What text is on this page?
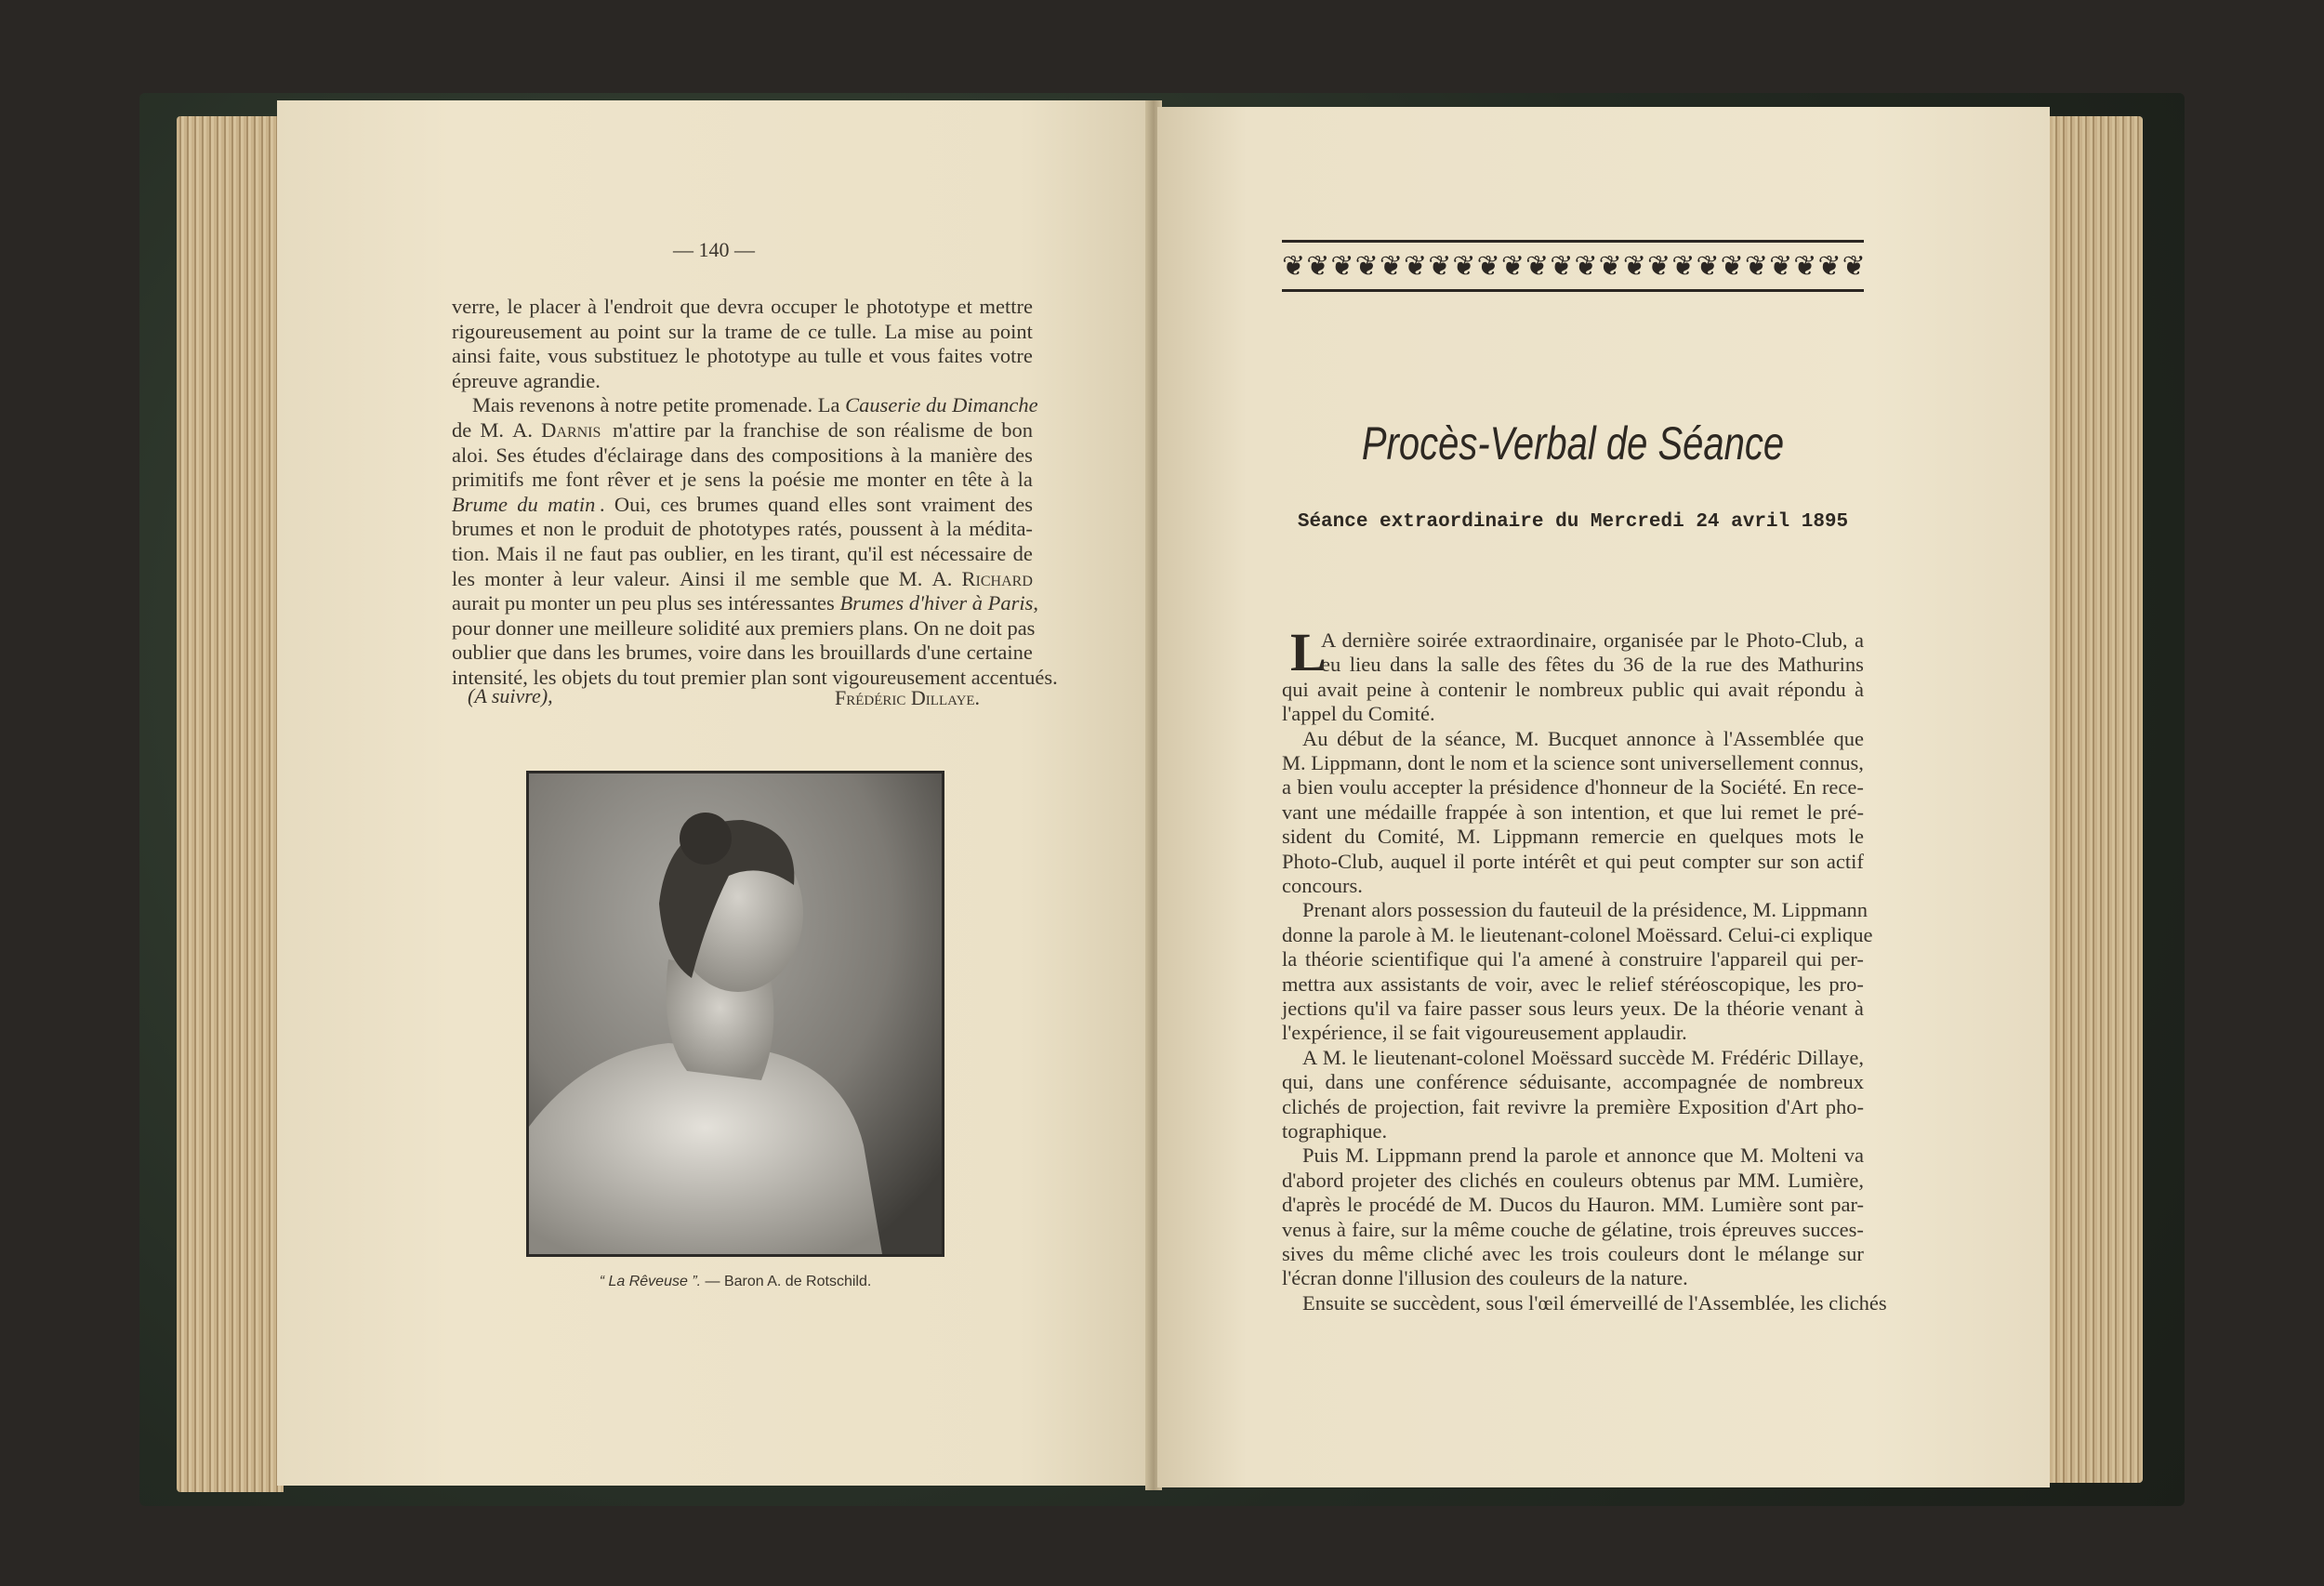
— 140 —
verre, le placer à l'endroit que devra occuper le phototype et mettre
rigoureusement au point sur la trame de ce tulle. La mise au point
ainsi faite, vous substituez le phototype au tulle et vous faites votre
épreuve agrandie.
Mais revenons à notre petite promenade. La Causerie du Dimanche
de M. A. Darnis
m'attire par la franchise de son réalisme de bon
aloi. Ses études d'éclairage dans des compositions à la manière des
primitifs me font rêver et je sens la poésie me monter en tête à la
Brume du matin . Oui, ces brumes quand elles sont vraiment des
brumes et non le produit de phototypes ratés, poussent à la médita-
tion. Mais il ne faut pas oublier, en les tirant, qu'il est nécessaire de
les monter à leur valeur. Ainsi il me semble que M. A. Richard
aurait pu monter un peu plus ses intéressantes Brumes d'hiver à Paris ,
pour donner une meilleure solidité aux premiers plans. On ne doit pas
oublier que dans les brumes, voire dans les brouillards d'une certaine
intensité, les objets du tout premier plan sont vigoureusement accentués.
(A suivre),	Frédéric Dillaye.
“ La Rêveuse ”. — Baron A. de Rotschild.
❦ ❦ ❦ ❦ ❦ ❦ ❦ ❦ ❦ ❦ ❦ ❦ ❦ ❦ ❦ ❦ ❦ ❦ ❦ ❦ ❦ ❦ ❦ ❦
Procès-Verbal de Séance
Séance extraordinaire du Mercredi 24 avril 1895
L
A dernière soirée extraordinaire, organisée par le Photo-Club, a
eu lieu dans la salle des fêtes du 36 de la rue des Mathurins
qui avait peine à contenir le nombreux public qui avait répondu à
l'appel du Comité.
Au début de la séance, M. Bucquet annonce à l'Assemblée que
M. Lippmann, dont le nom et la science sont universellement connus,
a bien voulu accepter la présidence d'honneur de la Société. En rece-
vant une médaille frappée à son intention, et que lui remet le pré-
sident du Comité, M. Lippmann remercie en quelques mots le
Photo-Club, auquel il porte intérêt et qui peut compter sur son actif
concours.
Prenant alors possession du fauteuil de la présidence, M. Lippmann
donne la parole à M. le lieutenant-colonel Moëssard. Celui-ci explique
la théorie scientifique qui l'a amené à construire l'appareil qui per-
mettra aux assistants de voir, avec le relief stéréoscopique, les pro-
jections qu'il va faire passer sous leurs yeux. De la théorie venant à
l'expérience, il se fait vigoureusement applaudir.
A M. le lieutenant-colonel Moëssard succède M. Frédéric Dillaye,
qui, dans une conférence séduisante, accompagnée de nombreux
clichés de projection, fait revivre la première Exposition d'Art pho-
tographique.
Puis M. Lippmann prend la parole et annonce que M. Molteni va
d'abord projeter des clichés en couleurs obtenus par MM. Lumière,
d'après le procédé de M. Ducos du Hauron. MM. Lumière sont par-
venus à faire, sur la même couche de gélatine, trois épreuves succes-
sives du même cliché avec les trois couleurs dont le mélange sur
l'écran donne l'illusion des couleurs de la nature.
Ensuite se succèdent, sous l'œil émerveillé de l'Assemblée, les clichés
